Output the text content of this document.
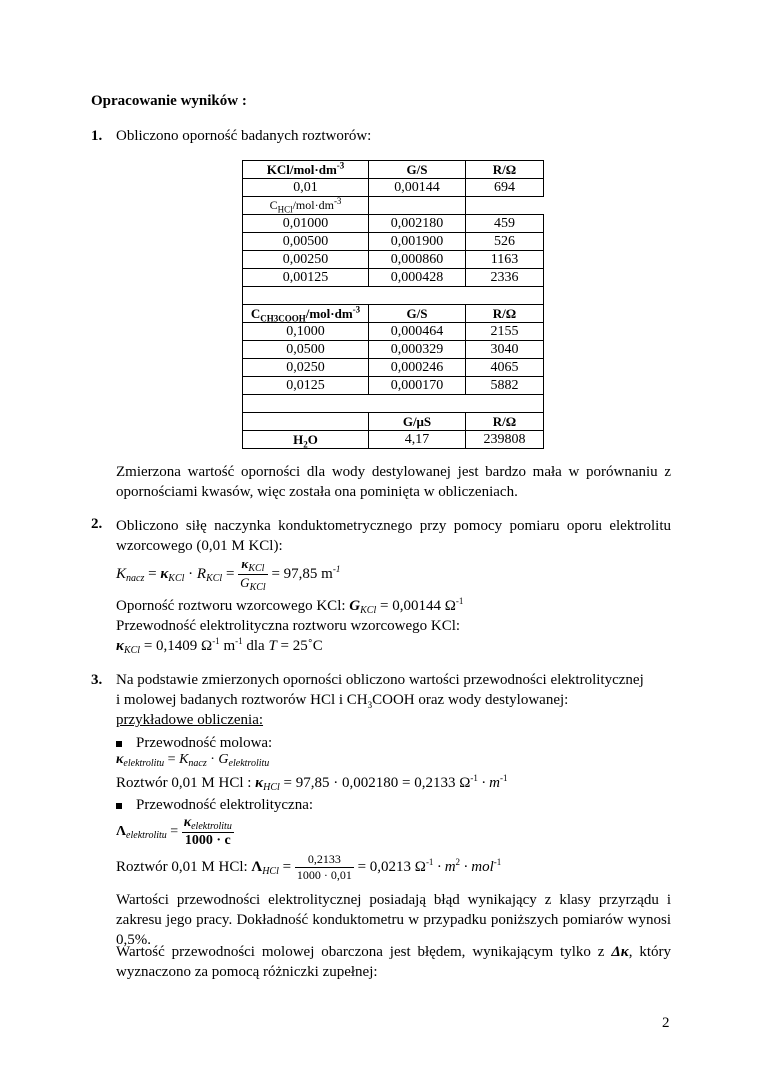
Opracowanie wyników :
1. Obliczono oporność badanych roztworów:
KCl/$mol\cdot dm^{-3}$	G/S	R/Ω
0,01	0,00144	694
$C_{HCl}/mol\cdot dm^{-3}$		
0,01000	0,002180	459
0,00500	0,001900	526
0,00250	0,000860	1163
0,00125	0,000428	2336

$C_{CH3COOH}/mol\cdot dm^{-3}$	G/S	R/Ω
0,1000	0,000464	2155
0,0500	0,000329	3040
0,0250	0,000246	4065
0,0125	0,000170	5882

	G/μS	R/Ω
$H_2O$	4,17	239808
Zmierzona wartość oporności dla wody destylowanej jest bardzo mała w porównaniu z opornościami kwasów, więc została ona pominięta w obliczeniach.
2. Obliczono siłę naczynka konduktometrycznego przy pomocy pomiaru oporu elektrolitu wzorcowego (0,01 M KCl):
$K_{nacz} = \kappa_{KCl} \cdot R_{KCl} = \frac{\kappa_{KCl}}{G_{KCl}} = 97,85$ $m^{-1}$
Oporność roztworu wzorcowego KCl: $G_{KCl} = 0,00144$ $\Omega^{-1}$
Przewodność elektrolityczna roztworu wzorcowego KCl:
$\kappa_{KCl} = 0,1409$ $\Omega^{-1}$ $m^{-1}$ dla T = 25˚C
3. Na podstawie zmierzonych oporności obliczono wartości przewodności elektrolitycznej
i molowej badanych roztworów HCl i $CH_3COOH$ oraz wody destylowanej:
przykładowe obliczenia:
Przewodność molowa:
$\kappa_{elektrolitu} = K_{nacz} \cdot G_{elektrolitu}$
Roztwór 0,01 M HCl : $\kappa_{HCl} = 97,85 \cdot 0,002180 = 0,2133$ $\Omega^{-1} \cdot m^{-1}$
Przewodność elektrolityczna:
$\Lambda_{elektrolitu} = \frac{\kappa_{elektrolitu}}{1000 \cdot c}$
Roztwór 0,01 M HCl: $\Lambda_{HCl} = \frac{0,2133}{1000 \cdot 0,01} = 0,0213$ $\Omega^{-1} \cdot m^2 \cdot mol^{-1}$
Wartości przewodności elektrolitycznej posiadają błąd wynikający z klasy przyrządu i zakresu jego pracy. Dokładność konduktometru w przypadku poniższych pomiarów wynosi 0,5%.
Wartość przewodności molowej obarczona jest błędem, wynikającym tylko z Δκ, który wyznaczono za pomocą różniczki zupełnej:
2
